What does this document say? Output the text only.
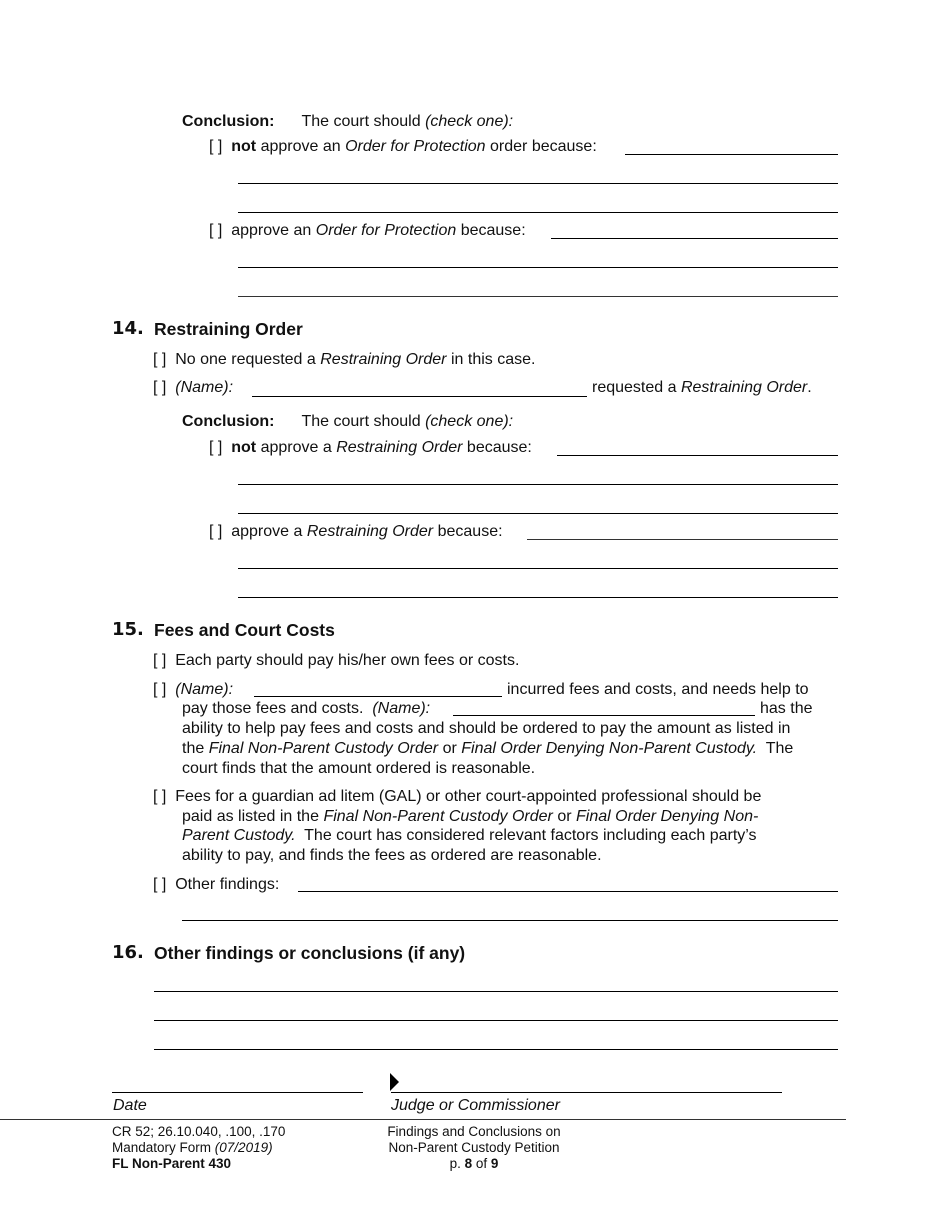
Conclusion: The court should (check one):
[ ] not approve an Order for Protection order because:
[ ] approve an Order for Protection because:
14. Restraining Order
[ ] No one requested a Restraining Order in this case.
[ ] (Name):	requested a Restraining Order.
Conclusion: The court should (check one):
[ ] not approve a Restraining Order because:
[ ] approve a Restraining Order because:
15. Fees and Court Costs
[ ] Each party should pay his/her own fees or costs.
[ ] (Name):	incurred fees and costs, and needs help to
pay those fees and costs. (Name):	has the
ability to help pay fees and costs and should be ordered to pay the amount as listed in
the Final Non-Parent Custody Order or Final Order Denying Non-Parent Custody. The
court finds that the amount ordered is reasonable.
[ ] Fees for a guardian ad litem (GAL) or other court-appointed professional should be
paid as listed in the Final Non-Parent Custody Order or Final Order Denying Non-
Parent Custody. The court has considered relevant factors including each party’s
ability to pay, and finds the fees as ordered are reasonable.
[ ] Other findings:
16. Other findings or conclusions (if any)
Date	Judge or Commissioner
CR 52; 26.10.040, .100, .170
Mandatory Form (07/2019)
FL Non-Parent 430
Findings and Conclusions on
Non-Parent Custody Petition
p. 8 of 9
